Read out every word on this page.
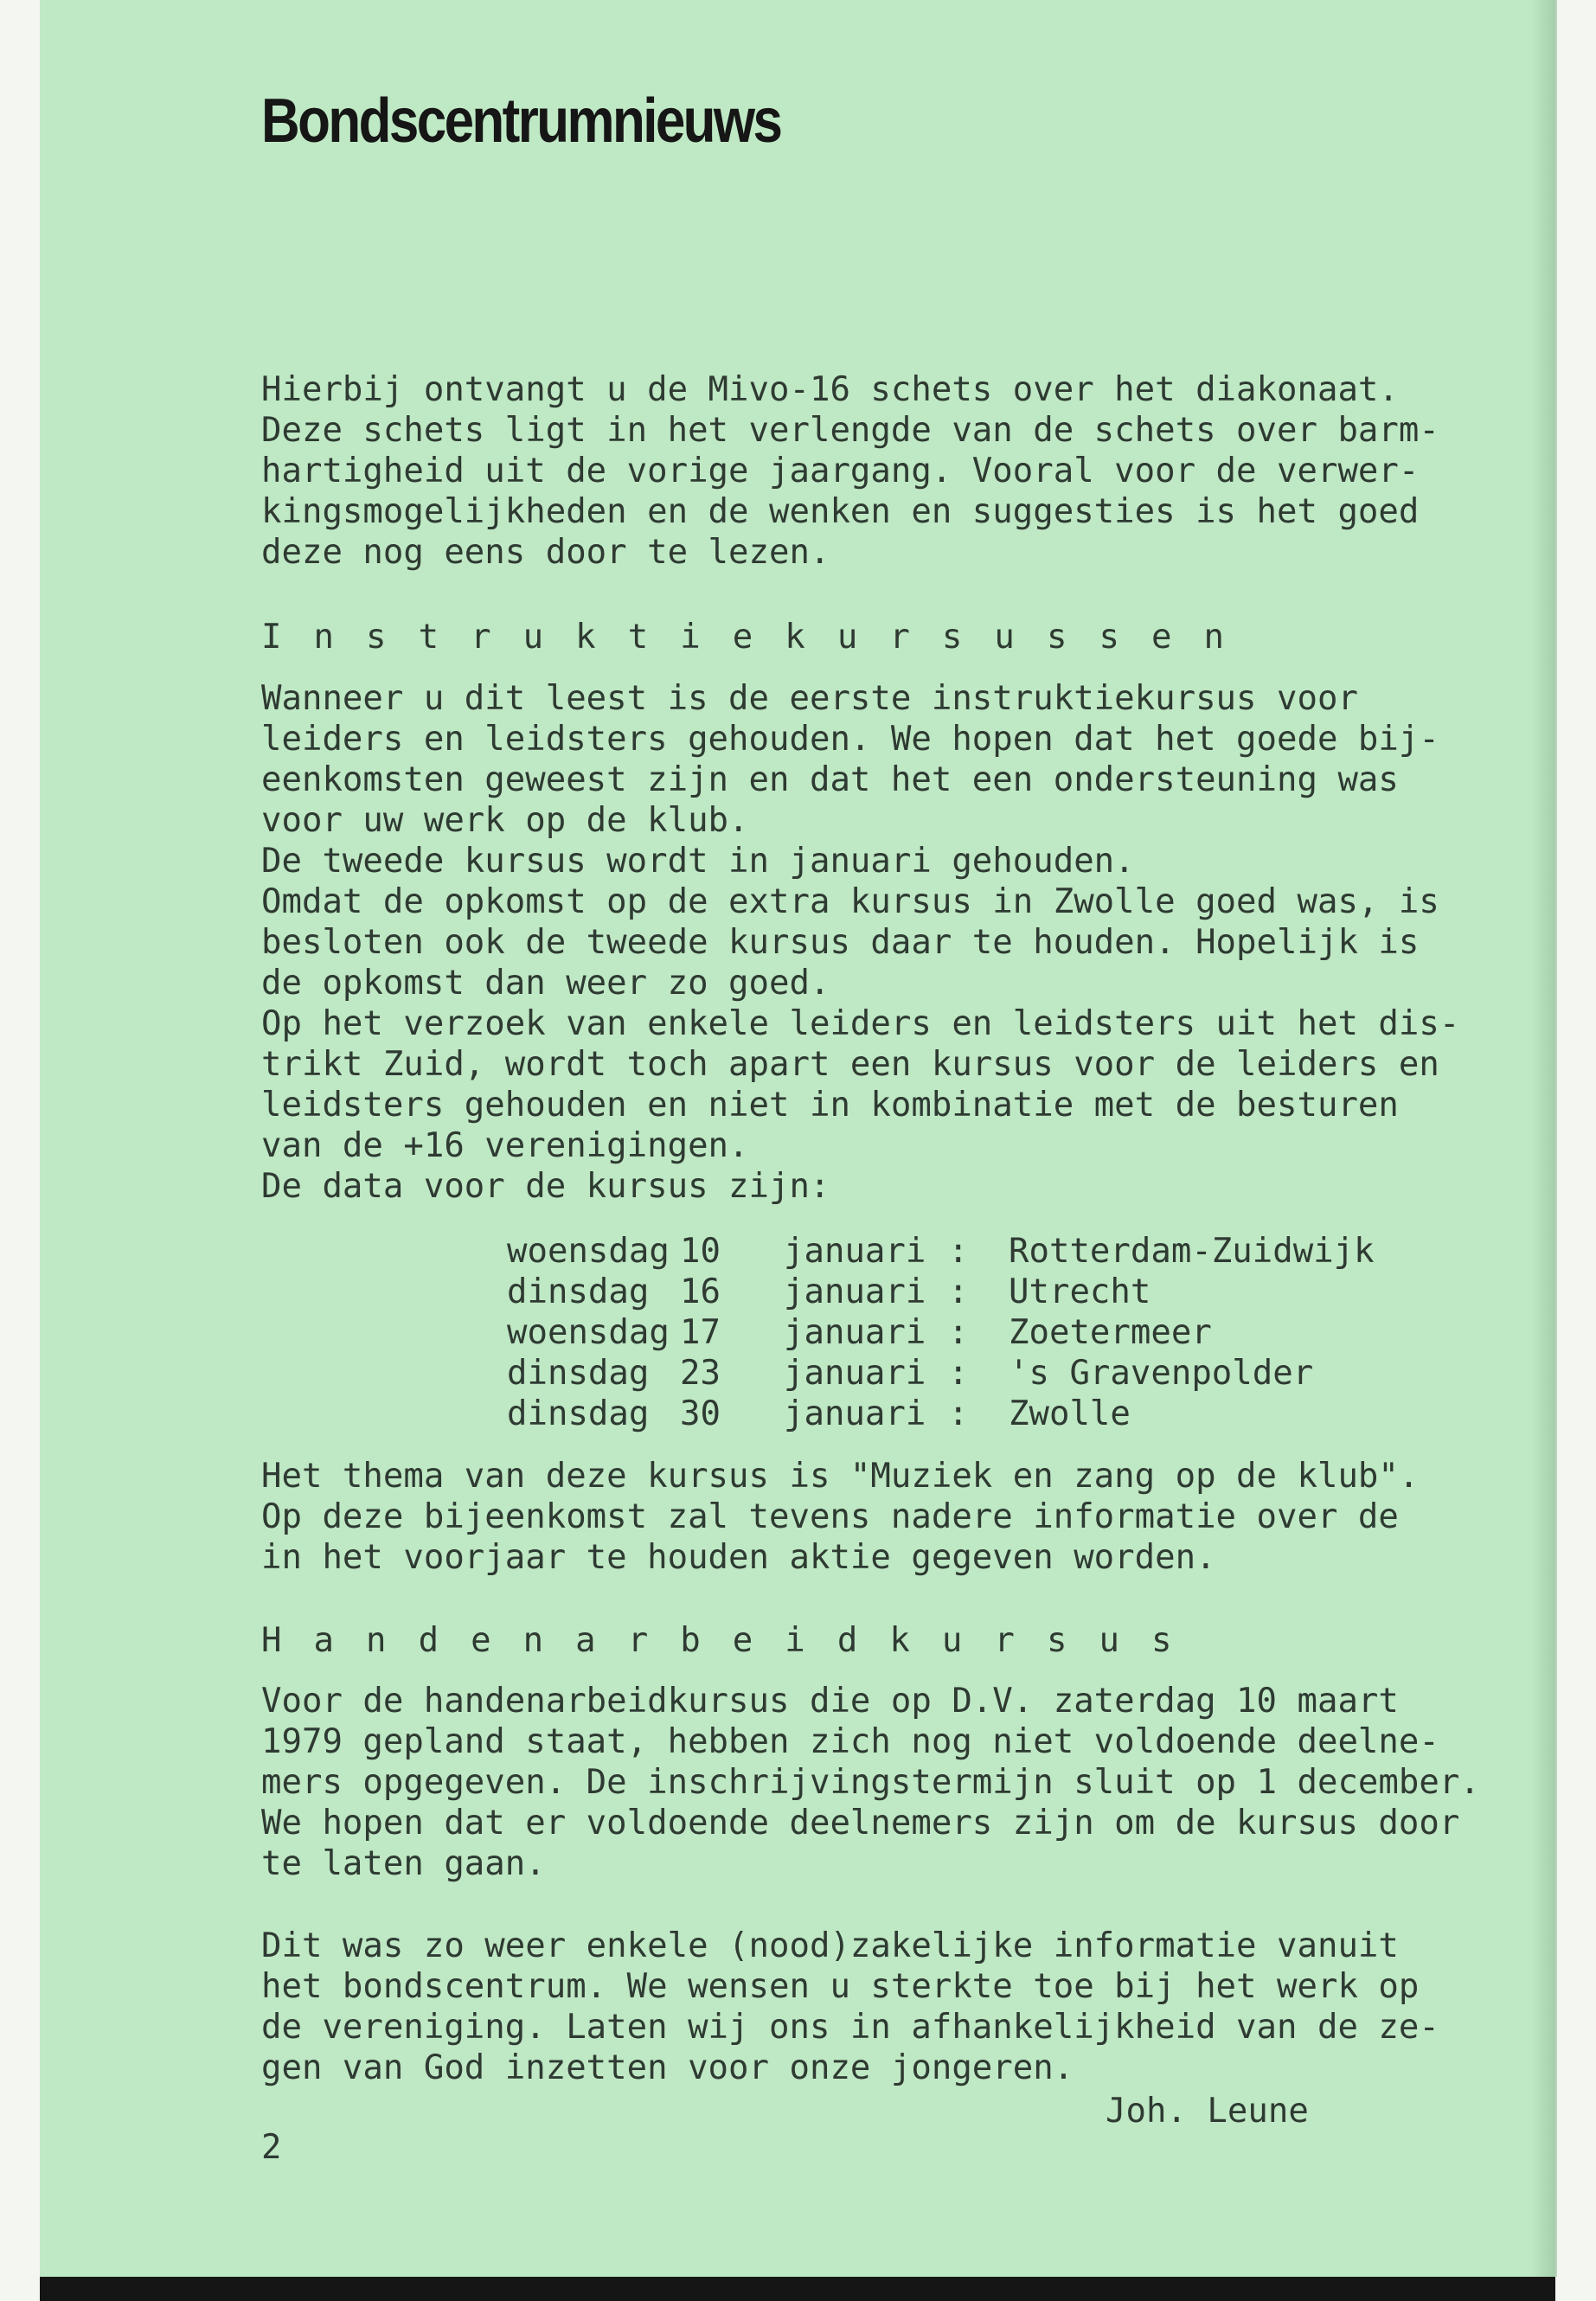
Bondscentrumnieuws

Hierbij ontvangt u de Mivo-16 schets over het diakonaat.
Deze schets ligt in het verlengde van de schets over barm-
hartigheid uit de vorige jaargang. Vooral voor de verwer-
kingsmogelijkheden en de wenken en suggesties is het goed
deze nog eens door te lezen.

Instruktiekursussen

Wanneer u dit leest is de eerste instruktiekursus voor
leiders en leidsters gehouden. We hopen dat het goede bij-
eenkomsten geweest zijn en dat het een ondersteuning was
voor uw werk op de klub.
De tweede kursus wordt in januari gehouden.
Omdat de opkomst op de extra kursus in Zwolle goed was, is
besloten ook de tweede kursus daar te houden. Hopelijk is
de opkomst dan weer zo goed.
Op het verzoek van enkele leiders en leidsters uit het dis-
trikt Zuid, wordt toch apart een kursus voor de leiders en
leidsters gehouden en niet in kombinatie met de besturen
van de +16 verenigingen.
De data voor de kursus zijn:

woensdag 10	januari :	Rotterdam-Zuidwijk
dinsdag 16	januari :	Utrecht
woensdag 17	januari :	Zoetermeer
dinsdag 23	januari :	's Gravenpolder
dinsdag 30	januari :	Zwolle

Het thema van deze kursus is "Muziek en zang op de klub".
Op deze bijeenkomst zal tevens nadere informatie over de
in het voorjaar te houden aktie gegeven worden.

Handenarbeidkursus

Voor de handenarbeidkursus die op D.V. zaterdag 10 maart
1979 gepland staat, hebben zich nog niet voldoende deelne-
mers opgegeven. De inschrijvingstermijn sluit op 1 december.
We hopen dat er voldoende deelnemers zijn om de kursus door
te laten gaan.

Dit was zo weer enkele (nood)zakelijke informatie vanuit
het bondscentrum. We wensen u sterkte toe bij het werk op
de vereniging. Laten wij ons in afhankelijkheid van de ze-
gen van God inzetten voor onze jongeren.

Joh. Leune
2
